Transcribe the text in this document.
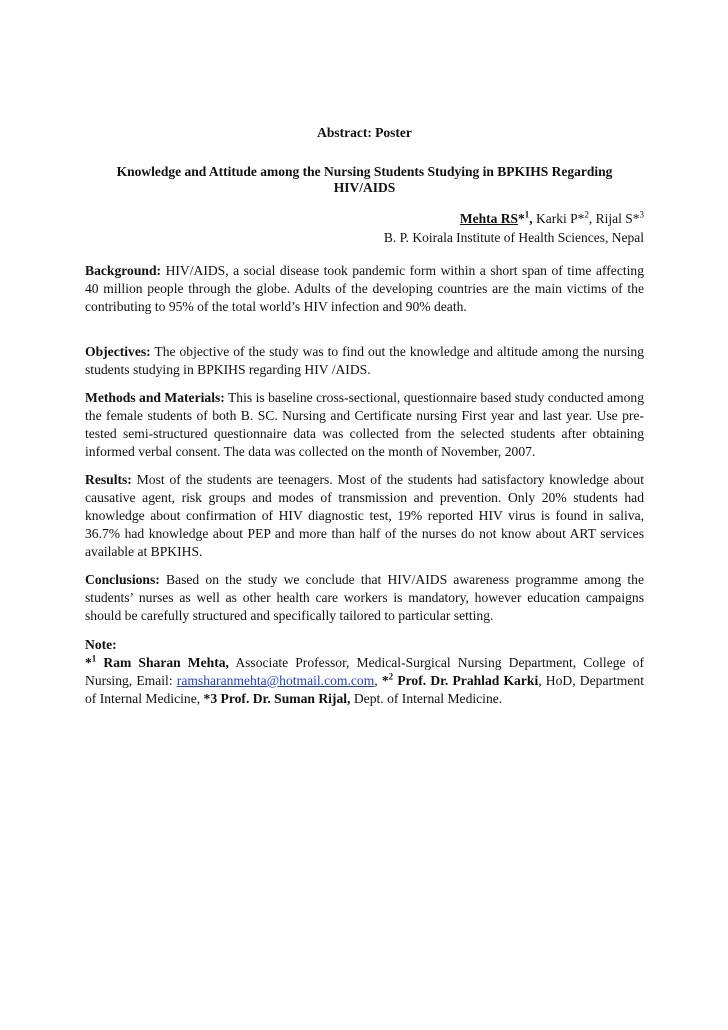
Abstract: Poster
Knowledge and Attitude among the Nursing Students Studying in BPKIHS Regarding
HIV/AIDS
Mehta RS*$^1$, Karki P*$^2$, Rijal S*$^3$
B. P. Koirala Institute of Health Sciences, Nepal
Background: HIV/AIDS, a social disease took pandemic form within a short span of time affecting 40 million people through the globe. Adults of the developing countries are the main victims of the contributing to 95% of the total world’s HIV infection and 90% death.
Objectives: The objective of the study was to find out the knowledge and altitude among the nursing students studying in BPKIHS regarding HIV /AIDS.
Methods and Materials: This is baseline cross-sectional, questionnaire based study conducted among the female students of both B. SC. Nursing and Certificate nursing First year and last year. Use pre-tested semi-structured questionnaire data was collected from the selected students after obtaining informed verbal consent. The data was collected on the month of November, 2007.
Results: Most of the students are teenagers. Most of the students had satisfactory knowledge about causative agent, risk groups and modes of transmission and prevention. Only 20% students had knowledge about confirmation of HIV diagnostic test, 19% reported HIV virus is found in saliva, 36.7% had knowledge about PEP and more than half of the nurses do not know about ART services available at BPKIHS.
Conclusions: Based on the study we conclude that HIV/AIDS awareness programme among the students’ nurses as well as other health care workers is mandatory, however education campaigns should be carefully structured and specifically tailored to particular setting.
Note:
*$^1$ Ram Sharan Mehta, Associate Professor, Medical-Surgical Nursing Department, College of Nursing, Email: ramsharanmehta@hotmail.com.com, *$^2$ Prof. Dr. Prahlad Karki, HoD, Department of Internal Medicine, *3 Prof. Dr. Suman Rijal, Dept. of Internal Medicine.
